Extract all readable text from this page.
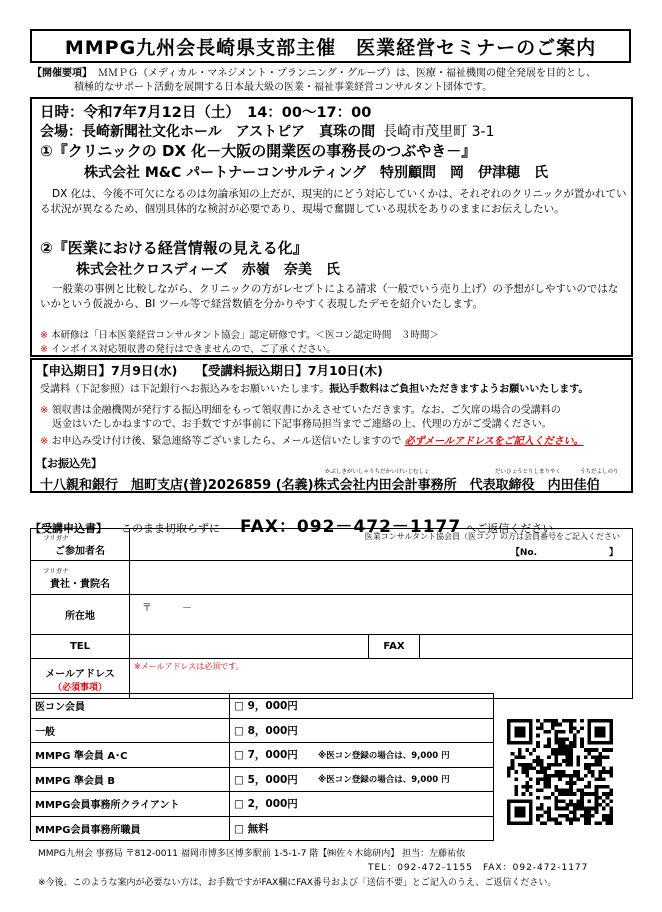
MMPG九州会長崎県支部主催　医業経営セミナーのご案内
【開催要項】 ＭＭＰＧ（メディカル・マネジメント・プランニング・グループ）は、医療・福祉機関の健全発展を目的とし、
積極的なサポート活動を展開する日本最大級の医業・福祉事業経営コンサルタント団体です。
日時：令和7年7月12日（土）　14：00～17：00
会場：長崎新聞社文化ホール　アストピア　真珠の間 長崎市茂里町 3-1
①『クリニックの DX 化－大阪の開業医の事務長のつぶやき－』
株式会社 M&C パートナーコンサルティング　特別顧問　岡　伊津穂　氏
DX 化は、今後不可欠になるのは勿論承知の上だが、現実的にどう対応していくかは、それぞれのクリニックが置かれている状況が異なるため、個別具体的な検討が必要であり、現場で奮闘している現状をありのままにお伝えしたい。
②『医業における経営情報の見える化』
株式会社クロスディーズ　赤嶺　奈美　氏
一般業の事例と比較しながら、クリニックの方がレセプトによる請求（一般でいう売り上げ）の予想がしやすいのではないかという仮説から、BI ツール等で経営数値を分かりやすく表現したデモを紹介いたします。
※ 本研修は「日本医業経営コンサルタント協会」認定研修です。＜医コン認定時間　３時間＞
※ インボイス対応領収書の発行はできませんので、ご了承ください。
【申込期日】7月9日(水) 【受講料振込期日】7月10日(木)
受講料（下記参照）は下記銀行へお振込みをお願いいたします。振込手数料はご負担いただきますようお願いいたします。
※ 領収書は金融機関が発行する振込明細をもって領収書にかえさせていただきます。なお、ご欠席の場合の受講料の
返金はいたしかねますので、お手数ですが事前に下記事務局担当までご連絡の上、代理の方がご受講ください。
※ お申込み受け付け後、緊急連絡等ございましたら、メール送信いたしますので 必ずメールアドレスをご記入ください。
【お振込先】
かぶしきがいしゃうちだかいけいじむしょ	だいひょうとりしまりやく	うちだよしのり
十八親和銀行　旭町支店(普)2026859 (名義)株式会社内田会計事務所　代表取締役　内田佳伯
【受講申込書】 このまま切取らずに FAX：092－472－1177 へご返信ください
フリガナ
ご参加者名	医業コンサルタント協会員（医コン）の方は会員番号をご記入ください
【No.　　　　　　　　】		

フリガナ
貴社・貴院名			
所在地	〒　　　－		
TEL		FAX	
メールアドレス
（必須事項）	※メールアドレスは必須です。		
医コン会員	□ 9，000円	
一般	□ 8，000円	
MMPG 準会員 A･C	□ 7，000円	※医コン登録の場合は、9,000 円
MMPG 準会員 B	□ 5，000円	※医コン登録の場合は、9,000 円
MMPG会員事務所クライアント	□ 2，000円	
MMPG会員事務所職員	□ 無料	
MMPG九州会 事務局 〒812-0011 福岡市博多区博多駅前 1-5-1-7 階【㈱佐々木総研内】 担当：左藤祐依
TEL：092-472-1155　FAX：092-472-1177
※今後、このような案内が必要ない方は、お手数ですがFAX欄にFAX番号および「送信不要」とご記入のうえ、ご返信ください。
